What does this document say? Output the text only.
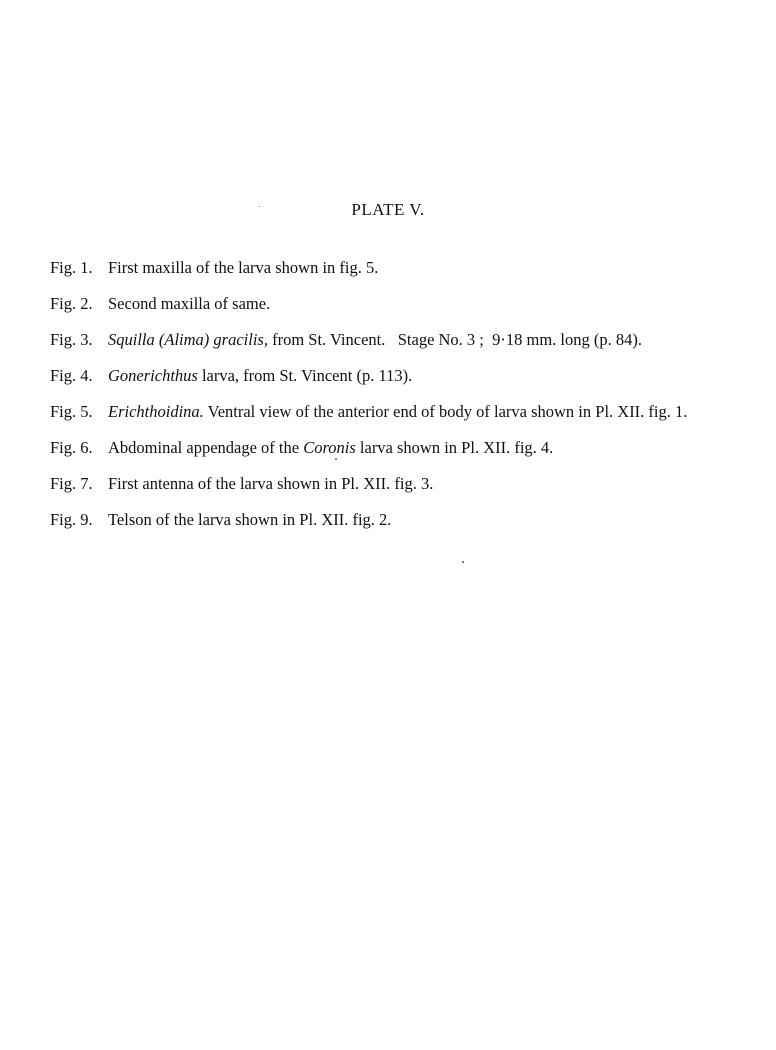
PLATE V.
Fig. 1. First maxilla of the larva shown in fig. 5.
Fig. 2. Second maxilla of same.
Fig. 3. Squilla (Alima) gracilis, from St. Vincent.   Stage No. 3 ;  9·18 mm. long (p. 84).
Fig. 4. Gonerichthus larva, from St. Vincent (p. 113).
Fig. 5. Erichthoidina. Ventral view of the anterior end of body of larva shown in Pl. XII. fig. 1.
Fig. 6. Abdominal appendage of the Coronis larva shown in Pl. XII. fig. 4.
Fig. 7. First antenna of the larva shown in Pl. XII. fig. 3.
Fig. 9. Telson of the larva shown in Pl. XII. fig. 2.
